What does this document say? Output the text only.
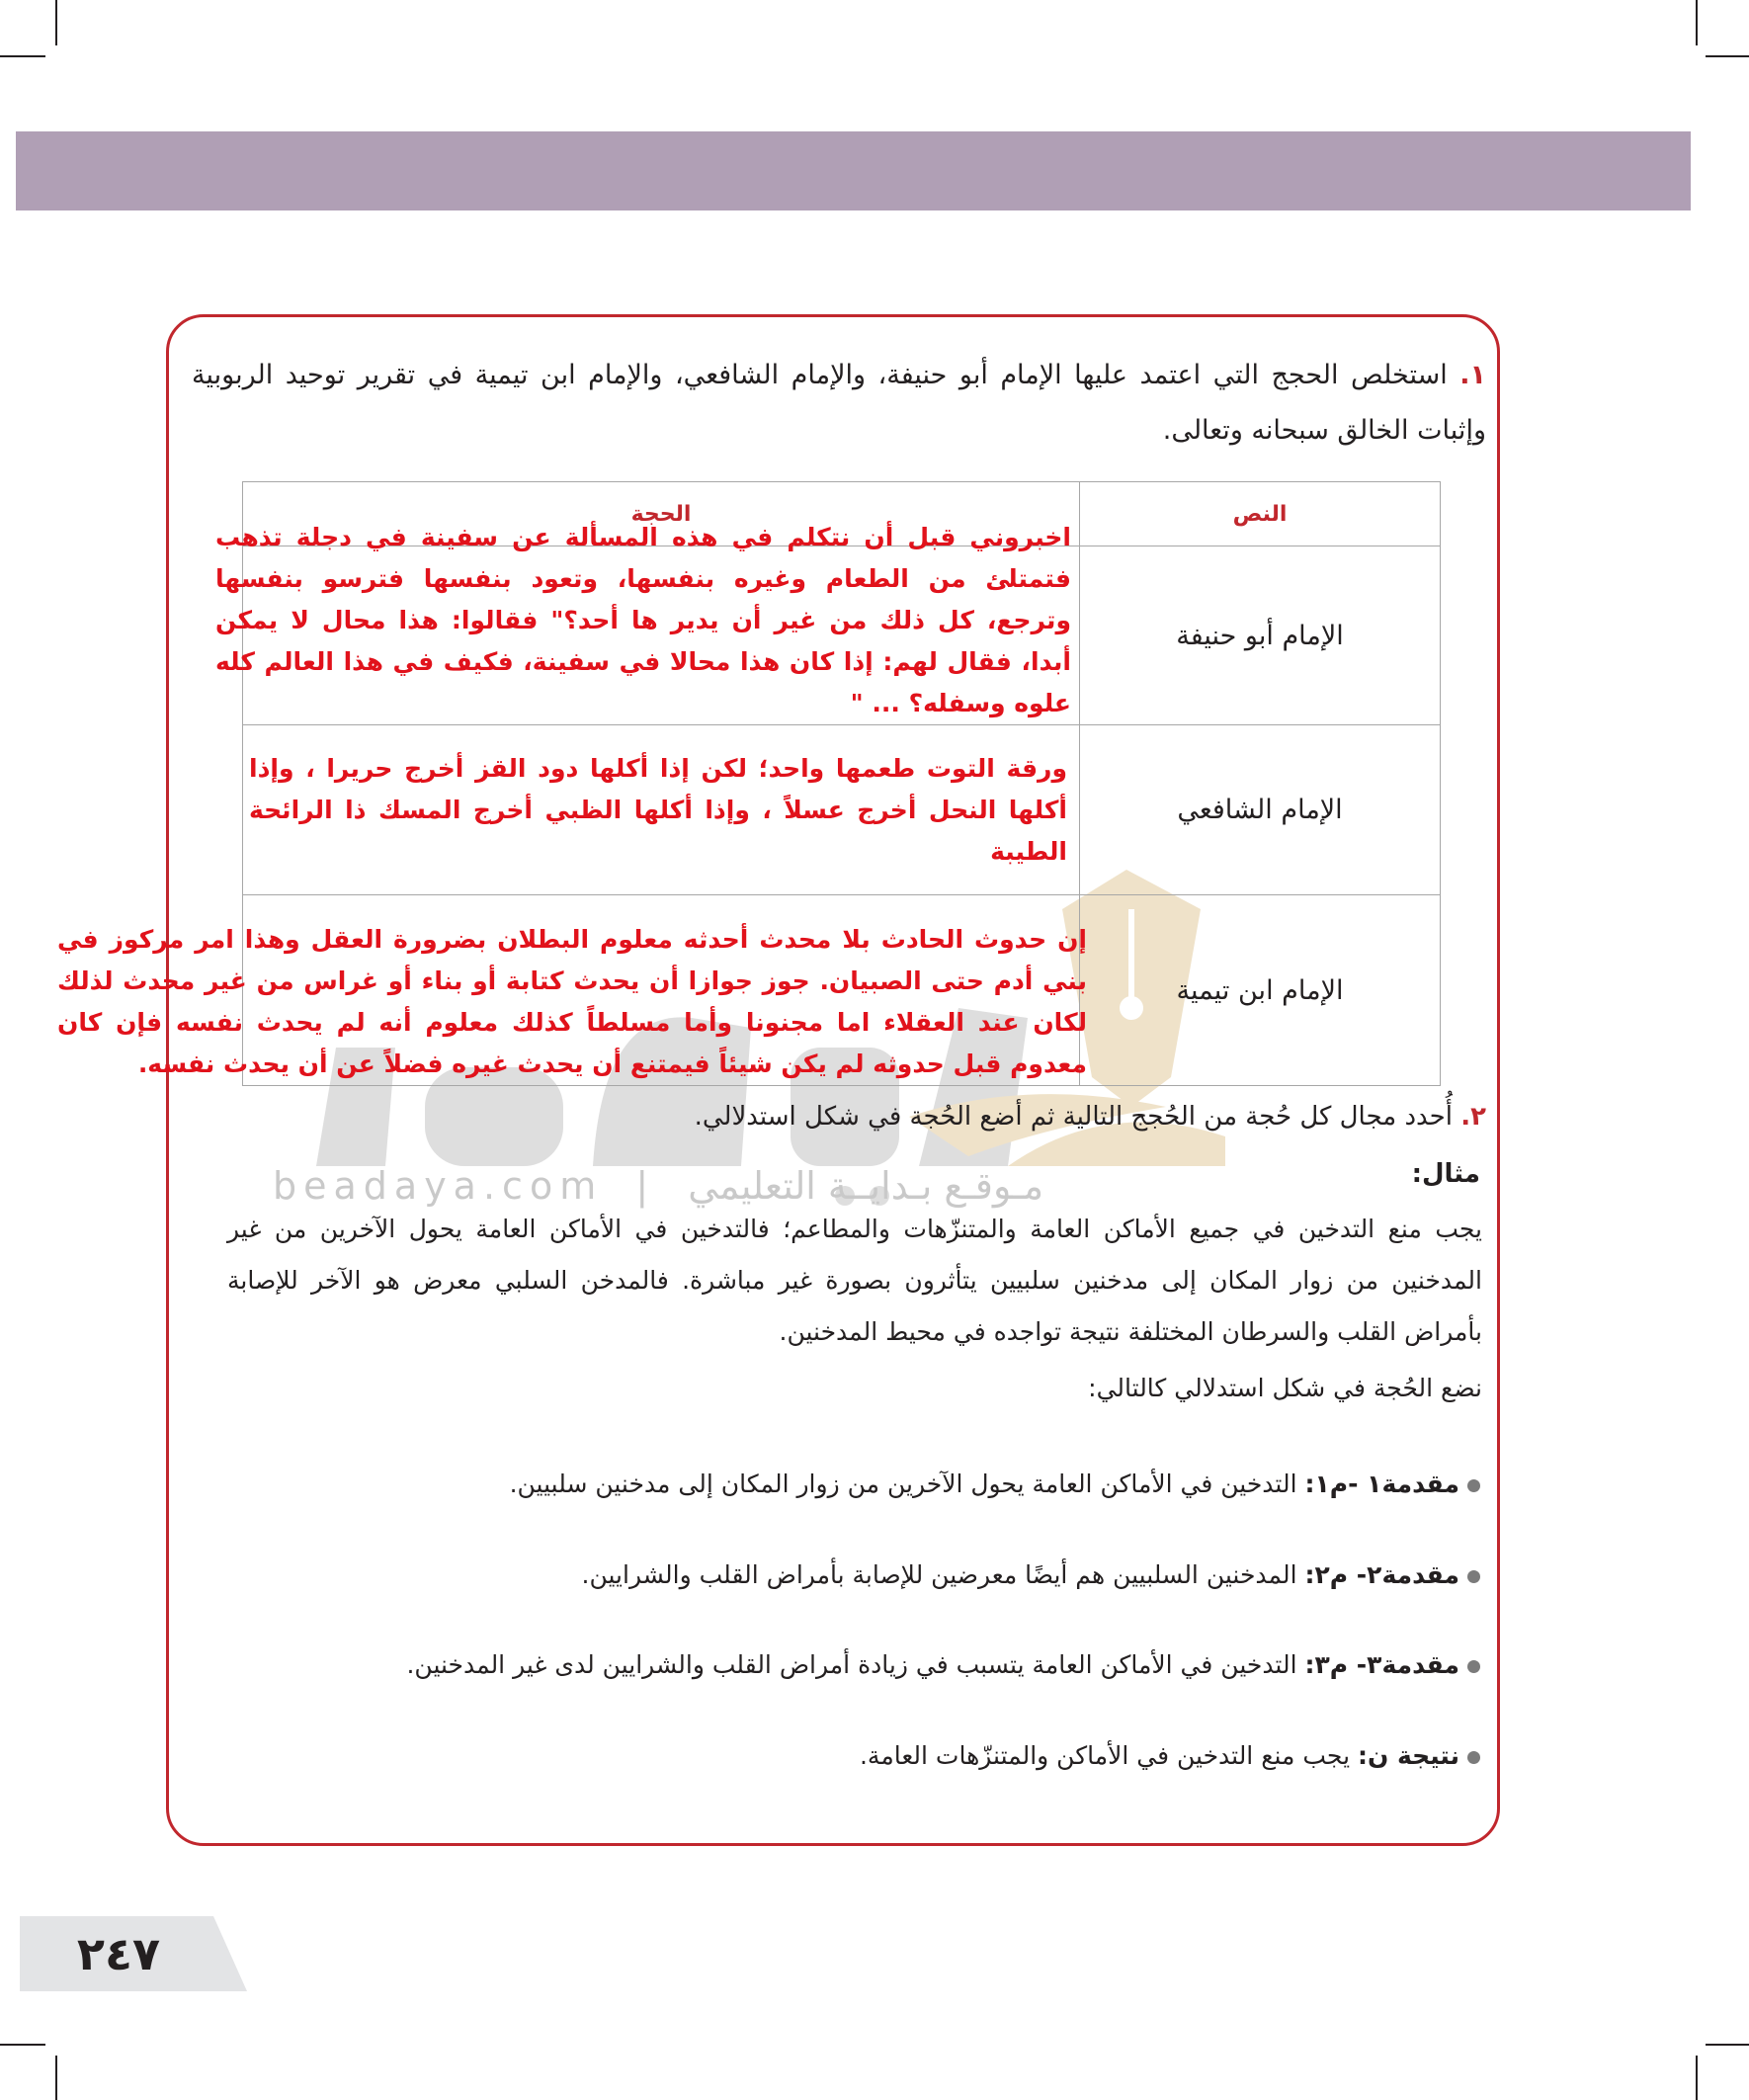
beadaya.com | مـوقـع بـدايــة التعليمي
١. استخلص الحجج التي اعتمد عليها الإمام أبو حنيفة، والإمام الشافعي، والإمام ابن تيمية في تقرير توحيد الربوبية وإثبات الخالق سبحانه وتعالى.
النص	الحجة
الإمام أبو حنيفة	اخبروني قبل أن نتكلم في هذه المسألة عن سفينة في دجلة تذهب فتمتلئ من الطعام وغيره بنفسها، وتعود بنفسها فترسو بنفسها وترجع، كل ذلك من غير أن يدير ها أحد؟" فقالوا: هذا محال لا يمكن أبدا، فقال لهم: إذا كان هذا محالا في سفينة، فكيف في هذا العالم كله علوه وسفله؟ ... "

الإمام الشافعي	ورقة التوت طعمها واحد؛ لكن إذا أكلها دود القز أخرج حريرا ، وإذا أكلها النحل أخرج عسلاً ، وإذا أكلها الظبي أخرج المسك ذا الرائحة الطيبة

الإمام ابن تيمية	إن حدوث الحادث بلا محدث أحدثه معلوم البطلان بضرورة العقل وهذا امر مركوز في بني أدم حتى الصبيان. جوز جوازا أن يحدث كتابة أو بناء أو غراس من غير محدث لذلك لكان عند العقلاء اما مجنونا وأما مسلطاً كذلك معلوم أنه لم يحدث نفسه فإن كان معدوم قبل حدوثه لم يكن شيئاً فيمتنع أن يحدث غيره فضلاً عن أن يحدث نفسه.
٢. أُحدد مجال كل حُجة من الحُجج التالية ثم أضع الحُجة في شكل استدلالي.
مثال:
يجب منع التدخين في جميع الأماكن العامة والمتنزّهات والمطاعم؛ فالتدخين في الأماكن العامة يحول الآخرين من غير المدخنين من زوار المكان إلى مدخنين سلبيين يتأثرون بصورة غير مباشرة. فالمدخن السلبي معرض هو الآخر للإصابة بأمراض القلب والسرطان المختلفة نتيجة تواجده في محيط المدخنين.
نضع الحُجة في شكل استدلالي كالتالي:
مقدمة١ -م١: التدخين في الأماكن العامة يحول الآخرين من زوار المكان إلى مدخنين سلبيين.
مقدمة٢- م٢: المدخنين السلبيين هم أيضًا معرضين للإصابة بأمراض القلب والشرايين.
مقدمة٣- م٣: التدخين في الأماكن العامة يتسبب في زيادة أمراض القلب والشرايين لدى غير المدخنين.
نتيجة ن: يجب منع التدخين في الأماكن والمتنزّهات العامة.
٢٤٧
